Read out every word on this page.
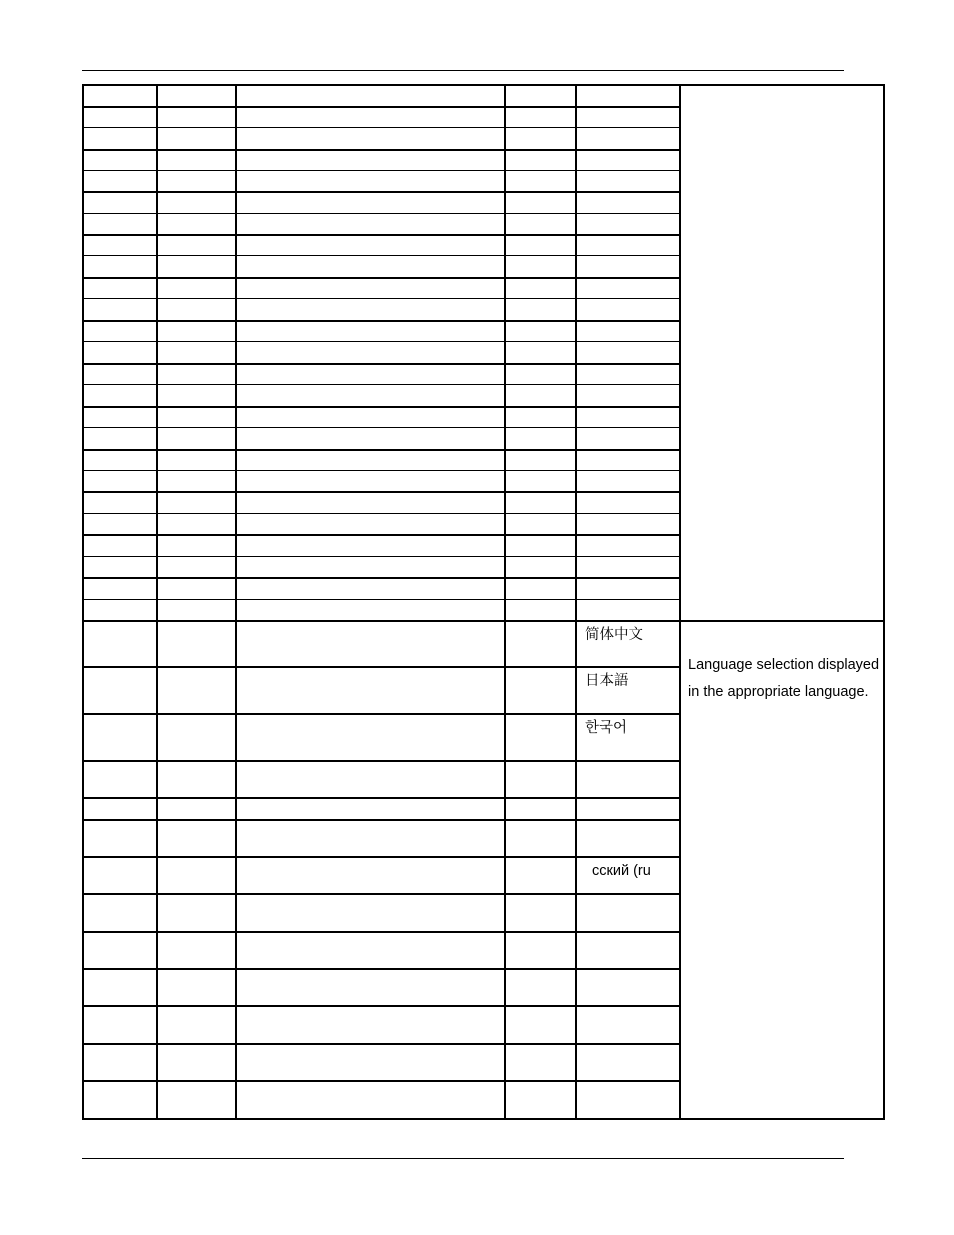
简体中文
日本語
한국어
сский (ru
Language selection displayed in the appropriate language.
